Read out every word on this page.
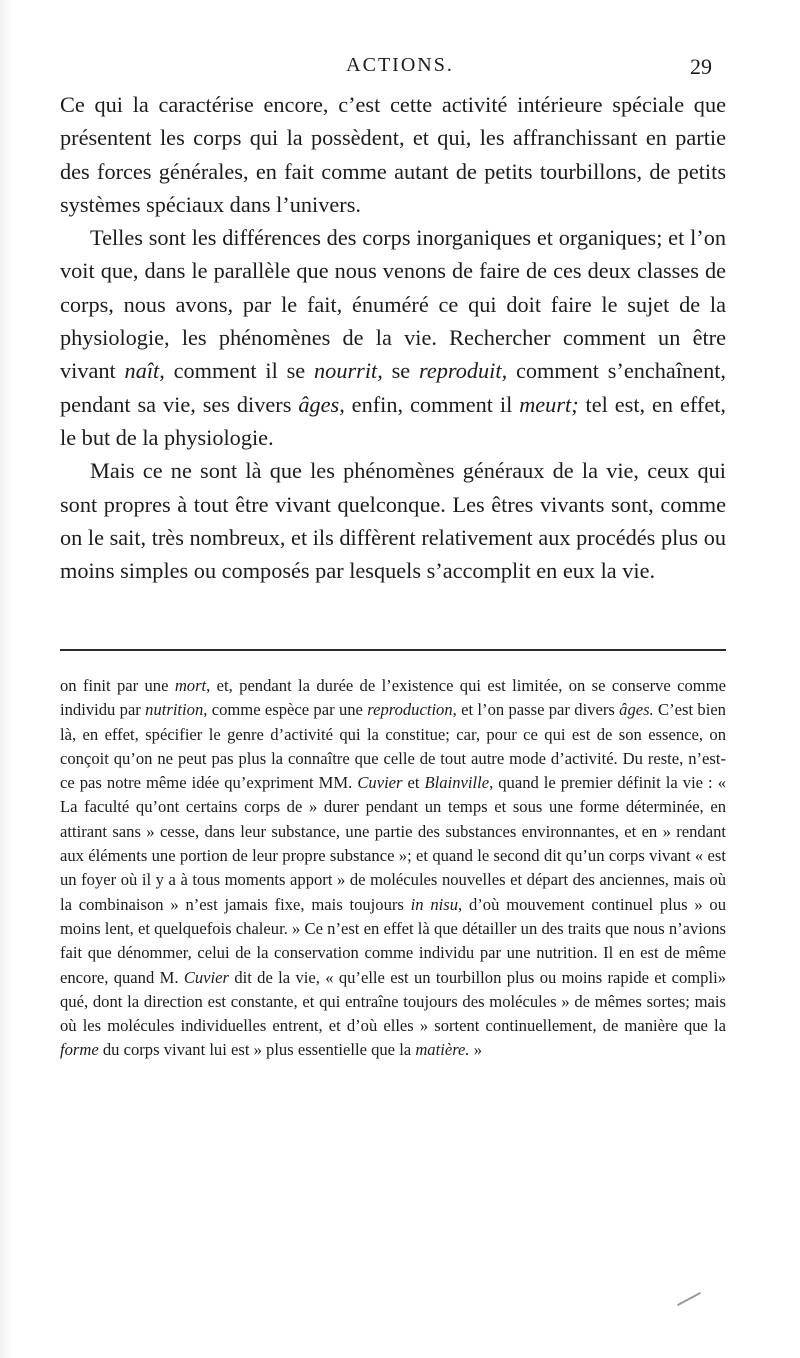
ACTIONS.	29

Ce qui la caractérise encore, c’est cette activité intérieure spéciale que présentent les corps qui la possèdent, et qui, les affranchissant en partie des forces générales, en fait comme autant de petits tourbillons, de petits systèmes spéciaux dans l’univers.

Telles sont les différences des corps inorganiques et organiques; et l’on voit que, dans le parallèle que nous venons de faire de ces deux classes de corps, nous avons, par le fait, énuméré ce qui doit faire le sujet de la physiologie, les phénomènes de la vie. Rechercher comment un être vivant naît, comment il se nourrit, se reproduit, comment s’enchaînent, pendant sa vie, ses divers âges, enfin, comment il meurt; tel est, en effet, le but de la physiologie.

Mais ce ne sont là que les phénomènes généraux de la vie, ceux qui sont propres à tout être vivant quelconque. Les êtres vivants sont, comme on le sait, très nombreux, et ils diffèrent relativement aux procédés plus ou moins simples ou composés par lesquels s’accomplit en eux la vie.

on finit par une mort, et, pendant la durée de l’existence qui est limitée, on se conserve comme individu par nutrition, comme espèce par une reproduction, et l’on passe par divers âges. C’est bien là, en effet, spécifier le genre d’activité qui la constitue; car, pour ce qui est de son essence, on conçoit qu’on ne peut pas plus la connaître que celle de tout autre mode d’activité. Du reste, n’est-ce pas notre même idée qu’expriment MM. Cuvier et Blainville, quand le premier définit la vie : « La faculté qu’ont certains corps de » durer pendant un temps et sous une forme déterminée, en attirant sans » cesse, dans leur substance, une partie des substances environnantes, et en » rendant aux éléments une portion de leur propre substance »; et quand le second dit qu’un corps vivant « est un foyer où il y a à tous moments apport » de molécules nouvelles et départ des anciennes, mais où la combinaison » n’est jamais fixe, mais toujours in nisu, d’où mouvement continuel plus » ou moins lent, et quelquefois chaleur. » Ce n’est en effet là que détailler un des traits que nous n’avions fait que dénommer, celui de la conservation comme individu par une nutrition. Il en est de même encore, quand M. Cuvier dit de la vie, « qu’elle est un tourbillon plus ou moins rapide et compli» qué, dont la direction est constante, et qui entraîne toujours des molécules » de mêmes sortes; mais où les molécules individuelles entrent, et d’où elles » sortent continuellement, de manière que la forme du corps vivant lui est » plus essentielle que la matière. »
